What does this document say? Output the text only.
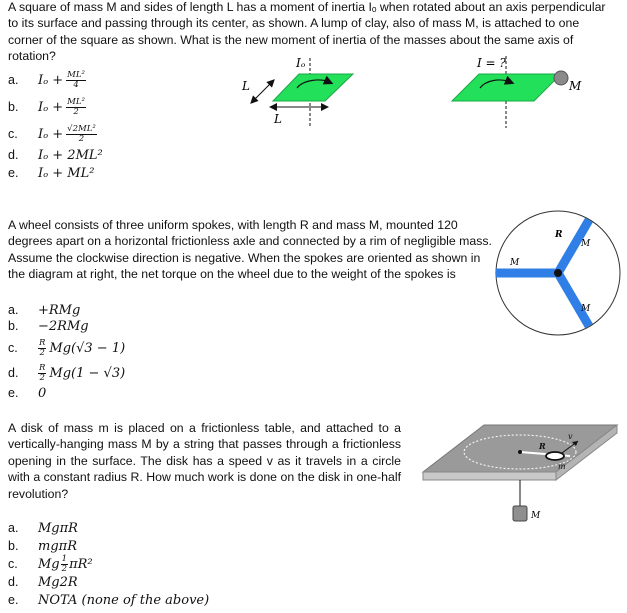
A square of mass M and sides of length L has a moment of inertia Iₒ when rotated about an axis perpendicular to its surface and passing through its center, as shown. A lump of clay, also of mass M, is attached to one corner of the square as shown. What is the new moment of inertia of the masses about the same axis of rotation?
a.	$I_o + \frac{\text{ML²}}{4}$
b.	$I_o + \frac{\text{ML²}}{2}$
c.	$I_o + \frac{\text{√2ML²}}{2}$
d.	Iₒ + 2ML²
e.	Iₒ + ML²
L
L
Iₒ
M
I = ?
A wheel consists of three uniform spokes, with length R and mass M, mounted 120 degrees apart on a horizontal frictionless axle and connected by a rim of negligible mass. Assume the clockwise direction is negative. When the spokes are oriented as shown in the diagram at right, the net torque on the wheel due to the weight of the spokes is
a.	+RMg
b.	−2RMg
c.	$\frac{R}{2} Mg(√3 - 1)$
d.	$\frac{R}{2} Mg(1 - √3)$
e.	0
R
M
M
M
A disk of mass m is placed on a frictionless table, and attached to a vertically-hanging mass M by a string that passes through a frictionless opening in the surface. The disk has a speed v as it travels in a circle with a constant radius R. How much work is done on the disk in one-half revolution?
a.	MgπR
b.	mgπR
c.	Mg $\frac{1}{2} \pi R^2$
d.	Mg2R
e.	NOTA (none of the above)
v
R
m
M
